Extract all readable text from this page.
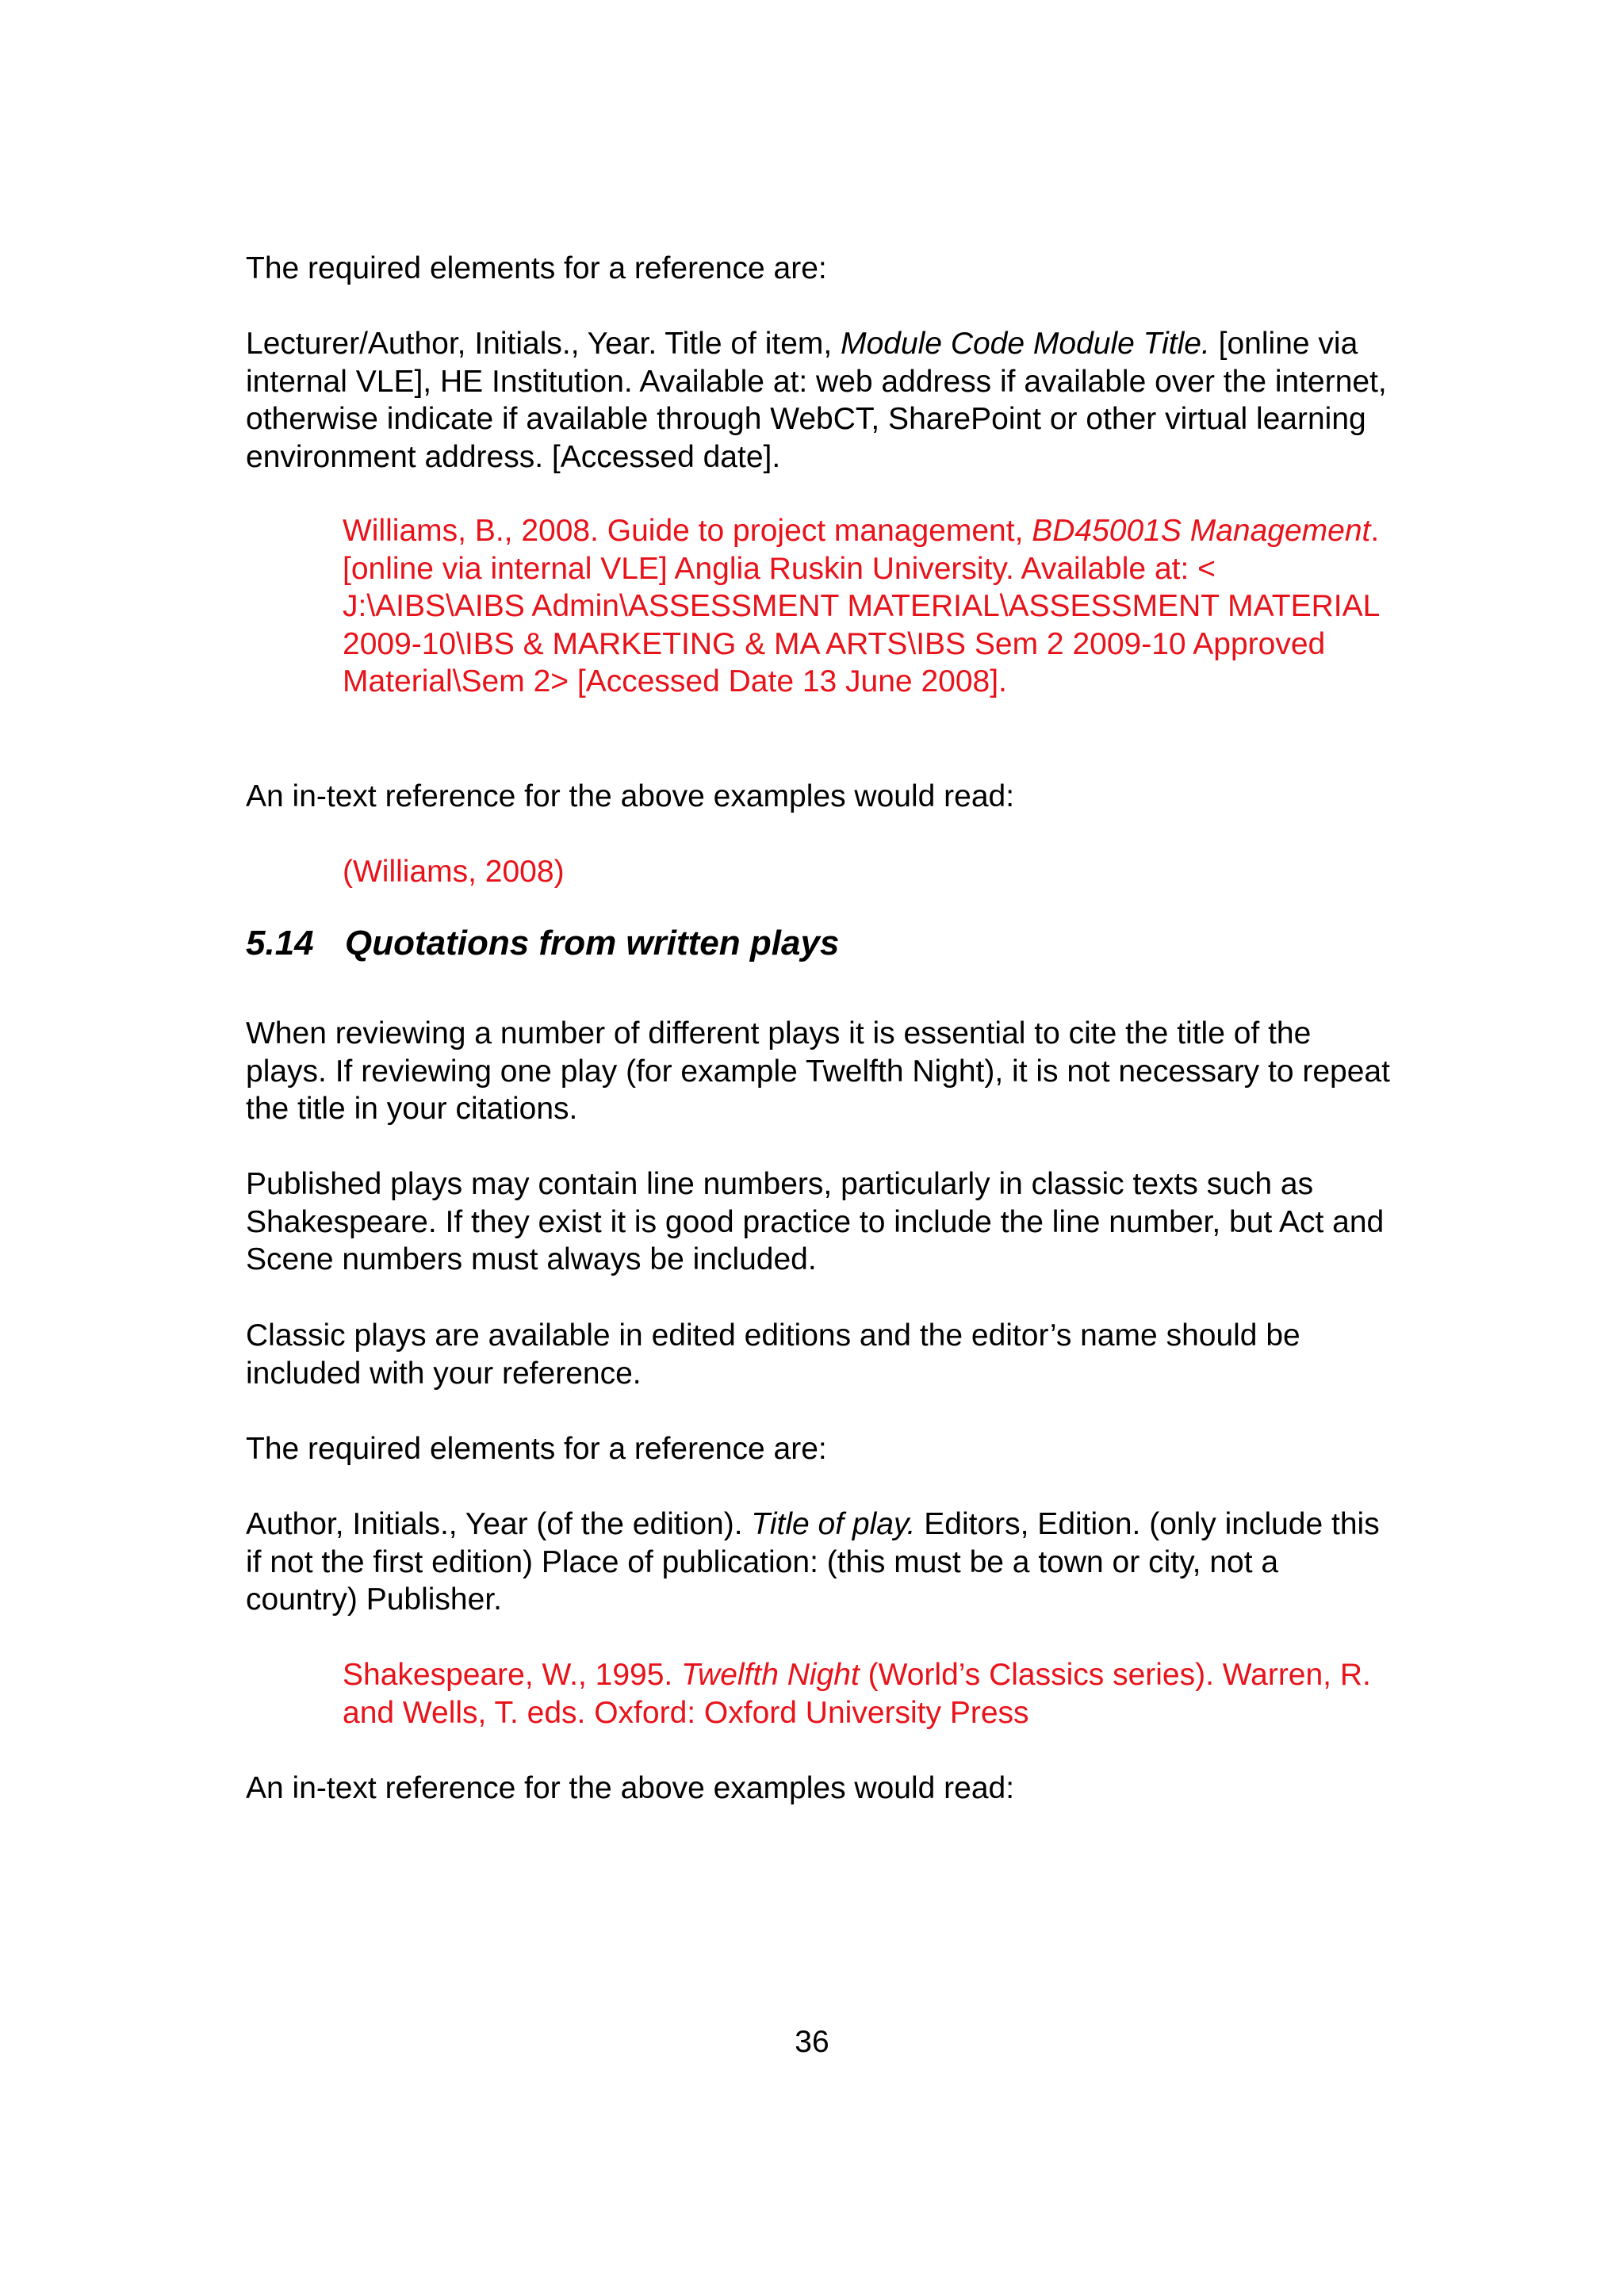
The required elements for a reference are:

Lecturer/Author, Initials., Year. Title of item, Module Code Module Title. [online via internal VLE], HE Institution. Available at: web address if available over the internet, otherwise indicate if available through WebCT, SharePoint or other virtual learning environment address. [Accessed date].

Williams, B., 2008. Guide to project management, BD45001S Management. [online via internal VLE] Anglia Ruskin University. Available at: < J:\AIBS\AIBS Admin\ASSESSMENT MATERIAL\ASSESSMENT MATERIAL 2009-10\IBS & MARKETING & MA ARTS\IBS Sem 2 2009-10 Approved Material\Sem 2> [Accessed Date 13 June 2008].

An in-text reference for the above examples would read:

(Williams, 2008)

5.14 Quotations from written plays

When reviewing a number of different plays it is essential to cite the title of the plays. If reviewing one play (for example Twelfth Night), it is not necessary to repeat the title in your citations.

Published plays may contain line numbers, particularly in classic texts such as Shakespeare. If they exist it is good practice to include the line number, but Act and Scene numbers must always be included.

Classic plays are available in edited editions and the editor’s name should be included with your reference.

The required elements for a reference are:

Author, Initials., Year (of the edition). Title of play. Editors, Edition. (only include this if not the first edition) Place of publication: (this must be a town or city, not a country) Publisher.

Shakespeare, W., 1995. Twelfth Night (World’s Classics series). Warren, R. and Wells, T. eds. Oxford: Oxford University Press

An in-text reference for the above examples would read:

36
